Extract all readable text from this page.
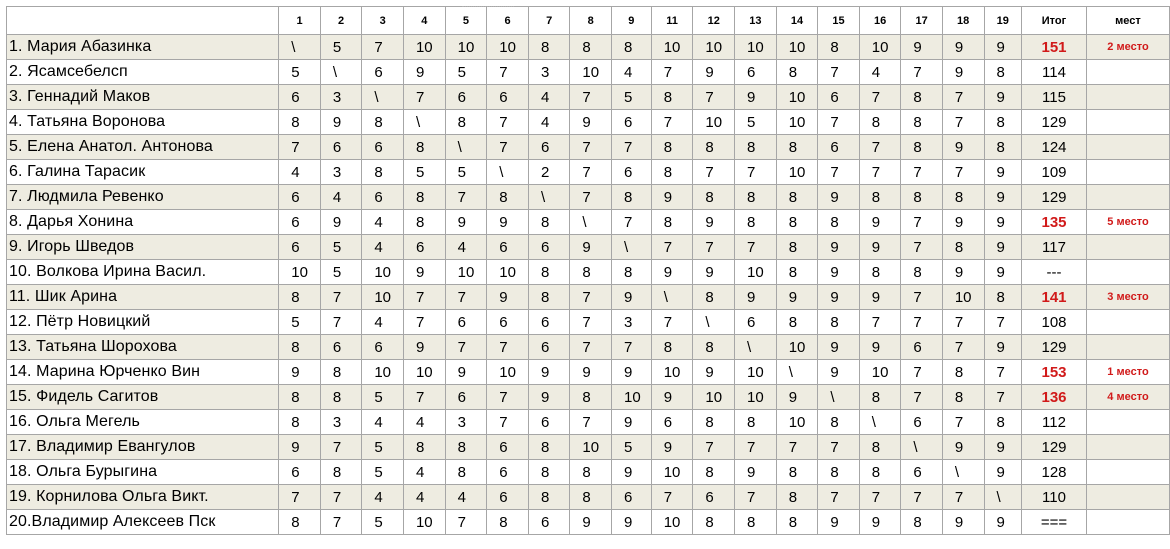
	1	2	3	4	5	6	7	8	9	11	12	13	14	15	16	17	18	19	Итог	мест
1. Мария Абазинка	\	5	7	10	10	10	8	8	8	10	10	10	10	8	10	9	9	9	151	2 место
2. Ясамсебелсп	5	\	6	9	5	7	3	10	4	7	9	6	8	7	4	7	9	8	114	
3. Геннадий Маков	6	3	\	7	6	6	4	7	5	8	7	9	10	6	7	8	7	9	115	
4. Татьяна Воронова	8	9	8	\	8	7	4	9	6	7	10	5	10	7	8	8	7	8	129	
5. Елена Анатол. Антонова	7	6	6	8	\	7	6	7	7	8	8	8	8	6	7	8	9	8	124	
6. Галина Тарасик	4	3	8	5	5	\	2	7	6	8	7	7	10	7	7	7	7	9	109	
7. Людмила Ревенко	6	4	6	8	7	8	\	7	8	9	8	8	8	9	8	8	8	9	129	
8. Дарья Хонина	6	9	4	8	9	9	8	\	7	8	9	8	8	8	9	7	9	9	135	5 место
9. Игорь Шведов	6	5	4	6	4	6	6	9	\	7	7	7	8	9	9	7	8	9	117	
10. Волкова Ирина Васил.	10	5	10	9	10	10	8	8	8	9	9	10	8	9	8	8	9	9	---	
11. Шик Арина	8	7	10	7	7	9	8	7	9	\	8	9	9	9	9	7	10	8	141	3 место
12. Пётр Новицкий	5	7	4	7	6	6	6	7	3	7	\	6	8	8	7	7	7	7	108	
13. Татьяна Шорохова	8	6	6	9	7	7	6	7	7	8	8	\	10	9	9	6	7	9	129	
14. Марина Юрченко Вин	9	8	10	10	9	10	9	9	9	10	9	10	\	9	10	7	8	7	153	1 место
15. Фидель Сагитов	8	8	5	7	6	7	9	8	10	9	10	10	9	\	8	7	8	7	136	4 место
16. Ольга Мегель	8	3	4	4	3	7	6	7	9	6	8	8	10	8	\	6	7	8	112	
17. Владимир Евангулов	9	7	5	8	8	6	8	10	5	9	7	7	7	7	8	\	9	9	129	
18. Ольга Бурыгина	6	8	5	4	8	6	8	8	9	10	8	9	8	8	8	6	\	9	128	
19. Корнилова Ольга Викт.	7	7	4	4	4	6	8	8	6	7	6	7	8	7	7	7	7	\	110	
20.Владимир Алексеев Пск	8	7	5	10	7	8	6	9	9	10	8	8	8	9	9	8	9	9	===	
